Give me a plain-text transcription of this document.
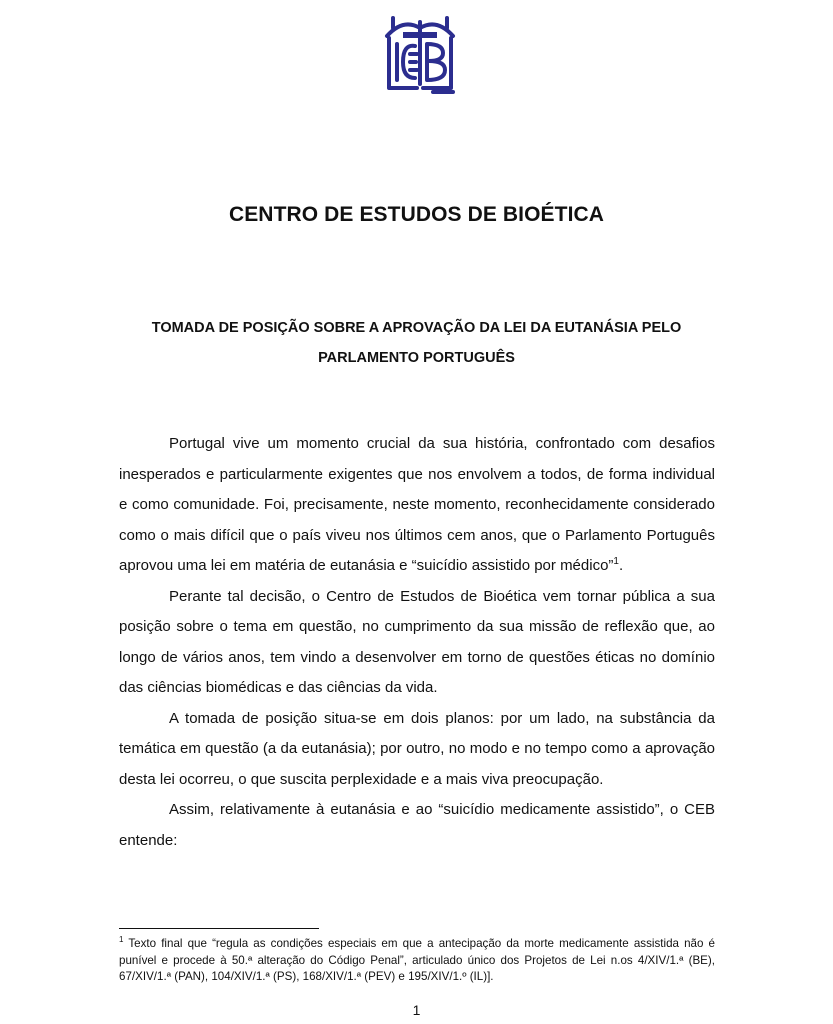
CENTRO DE ESTUDOS DE BIOÉTICA
TOMADA DE POSIÇÃO SOBRE A APROVAÇÃO DA LEI DA EUTANÁSIA PELO
PARLAMENTO PORTUGUÊS

Portugal vive um momento crucial da sua história, confrontado com desafios inesperados e particularmente exigentes que nos envolvem a todos, de forma individual e como comunidade. Foi, precisamente, neste momento, reconhecidamente considerado como o mais difícil que o país viveu nos últimos cem anos, que o Parlamento Português aprovou uma lei em matéria de eutanásia e “suicídio assistido por médico”$^1$.

Perante tal decisão, o Centro de Estudos de Bioética vem tornar pública a sua posição sobre o tema em questão, no cumprimento da sua missão de reflexão que, ao longo de vários anos, tem vindo a desenvolver em torno de questões éticas no domínio das ciências biomédicas e das ciências da vida.

A tomada de posição situa-se em dois planos: por um lado, na substância da temática em questão (a da eutanásia); por outro, no modo e no tempo como a aprovação desta lei ocorreu, o que suscita perplexidade e a mais viva preocupação.

Assim, relativamente à eutanásia e ao “suicídio medicamente assistido”, o CEB entende:

$^1$ Texto final que “regula as condições especiais em que a antecipação da morte medicamente assistida não é punível e procede à 50.ª alteração do Código Penal”, articulado único dos Projetos de Lei n.os 4/XIV/1.ª (BE), 67/XIV/1.ª (PAN), 104/XIV/1.ª (PS), 168/XIV/1.ª (PEV) e 195/XIV/1.º (IL)].
1
